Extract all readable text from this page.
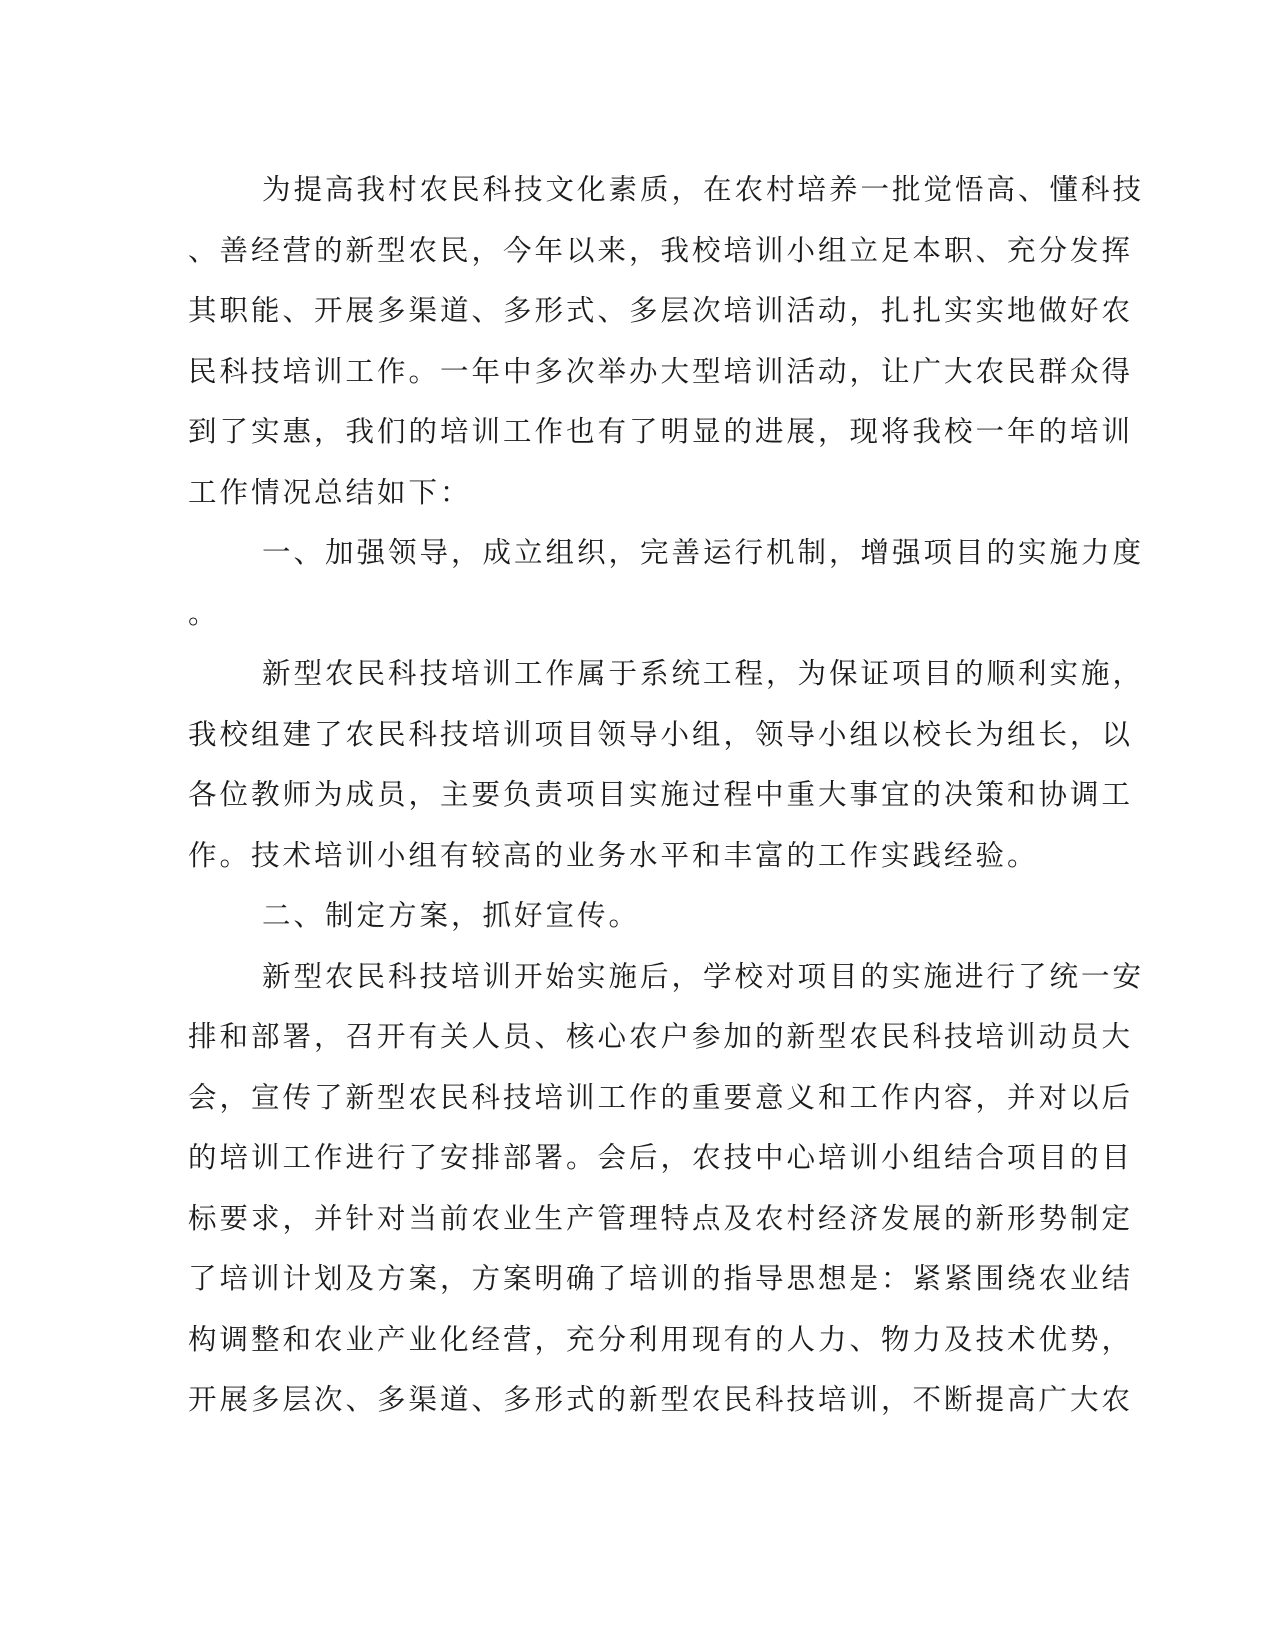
为提高我村农民科技文化素质，在农村培养一批觉悟高、懂科技

、善经营的新型农民，今年以来，我校培训小组立足本职、充分发挥

其职能、开展多渠道、多形式、多层次培训活动，扎扎实实地做好农

民科技培训工作。一年中多次举办大型培训活动，让广大农民群众得

到了实惠，我们的培训工作也有了明显的进展，现将我校一年的培训

工作情况总结如下：

一、加强领导，成立组织，完善运行机制，增强项目的实施力度

。

新型农民科技培训工作属于系统工程，为保证项目的顺利实施，

我校组建了农民科技培训项目领导小组，领导小组以校长为组长，以

各位教师为成员，主要负责项目实施过程中重大事宜的决策和协调工

作。技术培训小组有较高的业务水平和丰富的工作实践经验。

二、制定方案，抓好宣传。

新型农民科技培训开始实施后，学校对项目的实施进行了统一安

排和部署，召开有关人员、核心农户参加的新型农民科技培训动员大

会，宣传了新型农民科技培训工作的重要意义和工作内容，并对以后

的培训工作进行了安排部署。会后，农技中心培训小组结合项目的目

标要求，并针对当前农业生产管理特点及农村经济发展的新形势制定

了培训计划及方案，方案明确了培训的指导思想是：紧紧围绕农业结

构调整和农业产业化经营，充分利用现有的人力、物力及技术优势，

开展多层次、多渠道、多形式的新型农民科技培训，不断提高广大农
